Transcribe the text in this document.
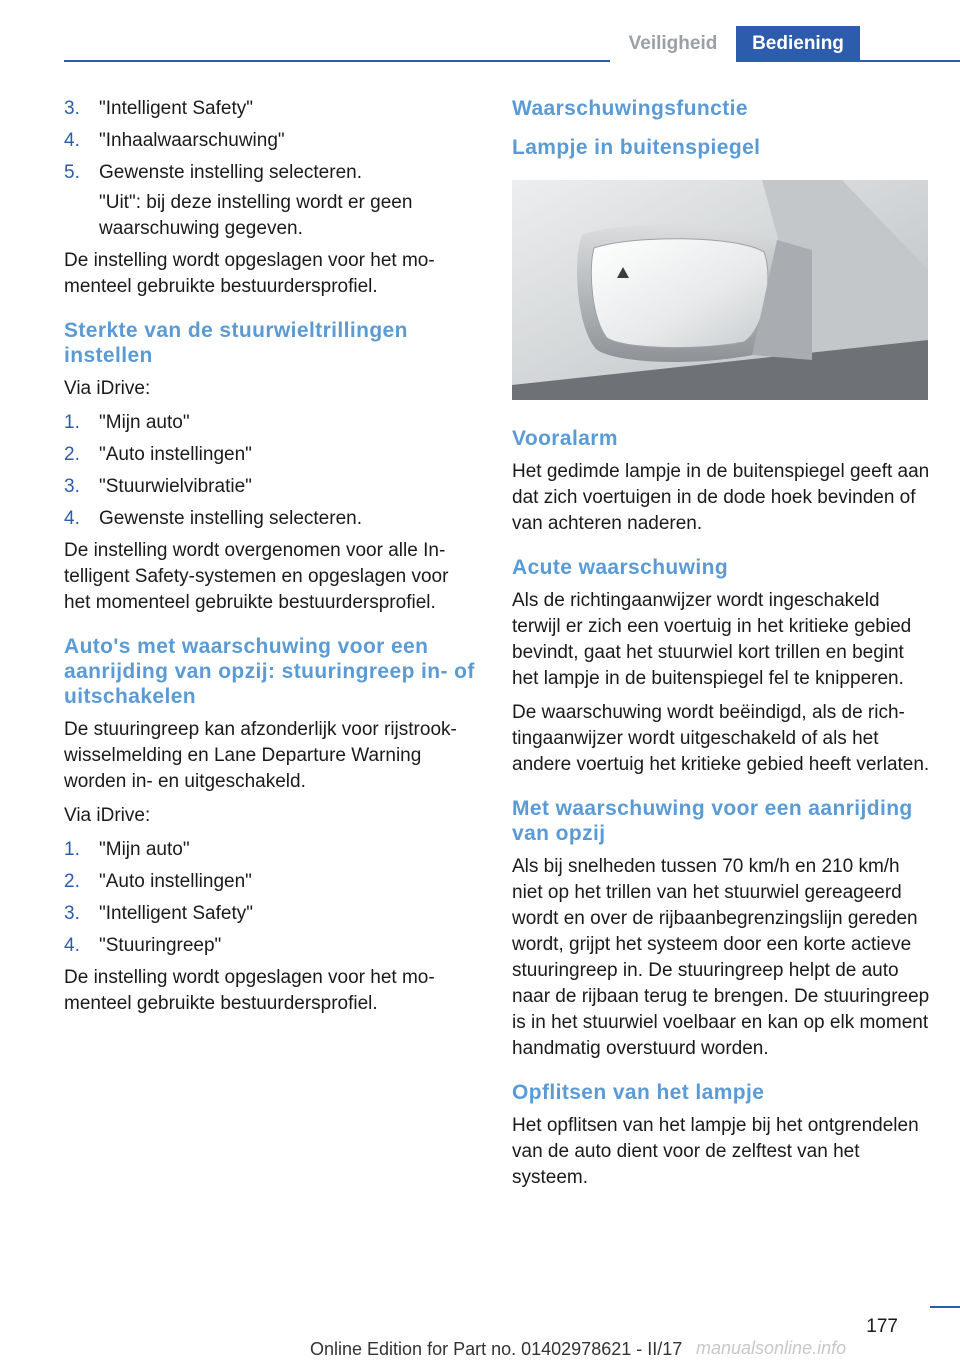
Veiligheid	Bediening
3. "Intelligent Safety"
4. "Inhaalwaarschuwing"
5. Gewenste instelling selecteren.
"Uit": bij deze instelling wordt er geen waarschuwing gegeven.

De instelling wordt opgeslagen voor het momenteel gebruikte bestuurdersprofiel.

Sterkte van de stuurwieltrillingen instellen

Via iDrive:

1. "Mijn auto"
2. "Auto instellingen"
3. "Stuurwielvibratie"
4. Gewenste instelling selecteren.

De instelling wordt overgenomen voor alle Intelligent Safety-systemen en opgeslagen voor het momenteel gebruikte bestuurdersprofiel.

Auto's met waarschuwing voor een aanrijding van opzij: stuuringreep in- of uitschakelen

De stuuringreep kan afzonderlijk voor rijstrookwisselmelding en Lane Departure Warning worden in- en uitgeschakeld.

Via iDrive:

1. "Mijn auto"
2. "Auto instellingen"
3. "Intelligent Safety"
4. "Stuuringreep"

De instelling wordt opgeslagen voor het momenteel gebruikte bestuurdersprofiel.

Waarschuwingsfunctie
Lampje in buitenspiegel
Vooralarm

Het gedimde lampje in de buitenspiegel geeft aan dat zich voertuigen in de dode hoek bevinden of van achteren naderen.

Acute waarschuwing

Als de richtingaanwijzer wordt ingeschakeld terwijl er zich een voertuig in het kritieke gebied bevindt, gaat het stuurwiel kort trillen en begint het lampje in de buitenspiegel fel te knipperen.

De waarschuwing wordt beëindigd, als de richtingaanwijzer wordt uitgeschakeld of als het andere voertuig het kritieke gebied heeft verlaten.

Met waarschuwing voor een aanrijding van opzij

Als bij snelheden tussen 70 km/h en 210 km/h niet op het trillen van het stuurwiel gereageerd wordt en over de rijbaanbegrenzingslijn gereden wordt, grijpt het systeem door een korte actieve stuuringreep in. De stuuringreep helpt de auto naar de rijbaan terug te brengen. De stuuringreep is in het stuurwiel voelbaar en kan op elk moment handmatig overstuurd worden.

Opflitsen van het lampje

Het opflitsen van het lampje bij het ontgrendelen van de auto dient voor de zelftest van het systeem.

177
Online Edition for Part no. 01402978621 - II/17 manualsonline.info
